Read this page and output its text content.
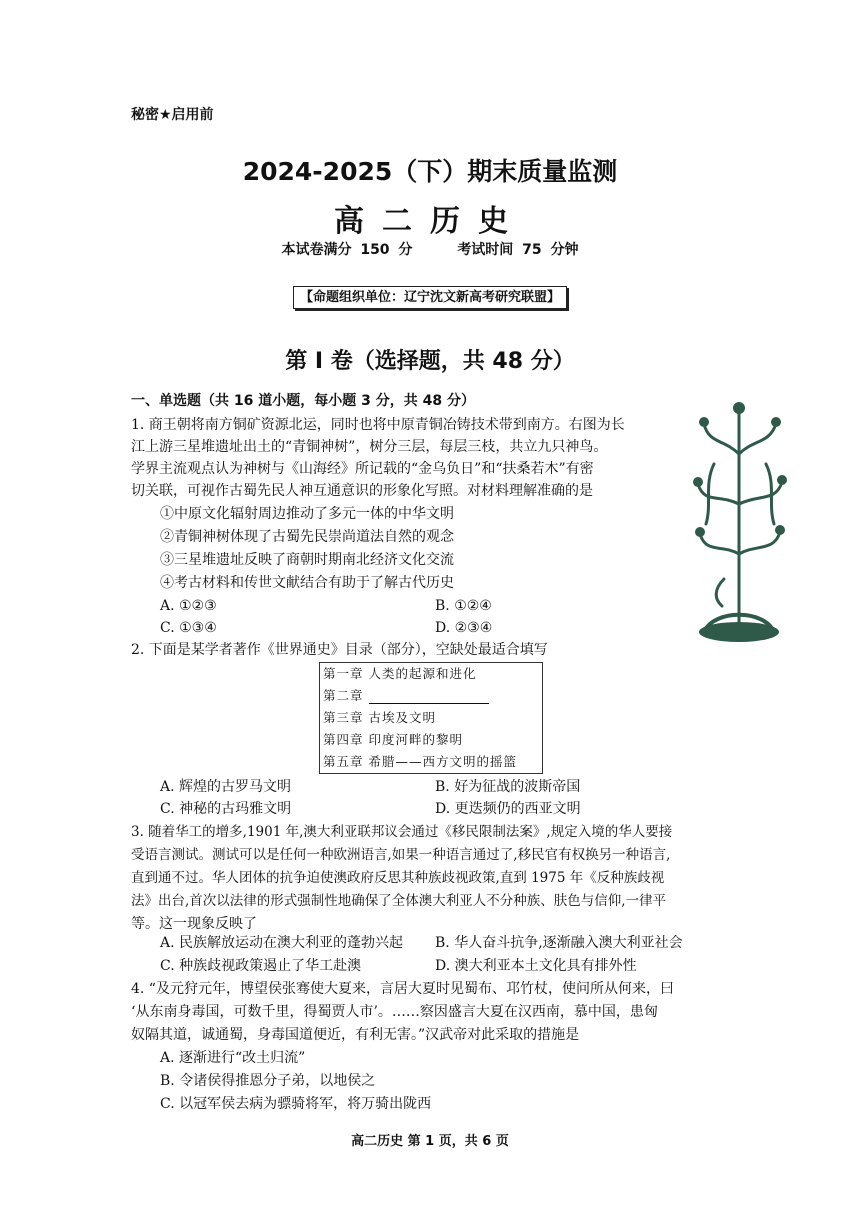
秘密★启用前
2024-2025（下）期末质量监测
高二历史
本试卷满分 150 分	考试时间 75 分钟
【命题组织单位：辽宁沈文新高考研究联盟】
第 I 卷（选择题，共 48 分）
一、单选题（共 16 道小题，每小题 3 分，共 48 分）
1. 商王朝将南方铜矿资源北运，同时也将中原青铜冶铸技术带到南方。右图为长
江上游三星堆遗址出土的“青铜神树”，树分三层，每层三枝，共立九只神鸟。
学界主流观点认为神树与《山海经》所记载的“金乌负日”和“扶桑若木”有密
切关联，可视作古蜀先民人神互通意识的形象化写照。对材料理解准确的是
①中原文化辐射周边推动了多元一体的中华文明
②青铜神树体现了古蜀先民崇尚道法自然的观念
③三星堆遗址反映了商朝时期南北经济文化交流
④考古材料和传世文献结合有助于了解古代历史
A. ①②③	B. ①②④
C. ①③④	D. ②③④
2. 下面是某学者著作《世界通史》目录（部分），空缺处最适合填写
第一章 人类的起源和进化
第二章
第三章 古埃及文明
第四章 印度河畔的黎明
第五章 希腊——西方文明的摇篮
A. 辉煌的古罗马文明	B. 好为征战的波斯帝国
C. 神秘的古玛雅文明	D. 更迭频仍的西亚文明
3. 随着华工的增多,1901 年,澳大利亚联邦议会通过《移民限制法案》,规定入境的华人要接
受语言测试。测试可以是任何一种欧洲语言,如果一种语言通过了,移民官有权换另一种语言,
直到通不过。华人团体的抗争迫使澳政府反思其种族歧视政策,直到 1975 年《反种族歧视
法》出台,首次以法律的形式强制性地确保了全体澳大利亚人不分种族、肤色与信仰,一律平
等。这一现象反映了
A. 民族解放运动在澳大利亚的蓬勃兴起 B. 华人奋斗抗争,逐渐融入澳大利亚社会
C. 种族歧视政策遏止了华工赴澳	D. 澳大利亚本土文化具有排外性
4. “及元狩元年，博望侯张骞使大夏来，言居大夏时见蜀布、邛竹杖，使问所从何来，曰
‘从东南身毒国，可数千里，得蜀贾人市’。……察因盛言大夏在汉西南，慕中国，患匈
奴隔其道，诚通蜀，身毒国道便近，有利无害。”汉武帝对此采取的措施是
A. 逐渐进行“改土归流”
B. 令诸侯得推恩分子弟，以地侯之
C. 以冠军侯去病为骠骑将军，将万骑出陇西
高二历史 第 1 页，共 6 页
